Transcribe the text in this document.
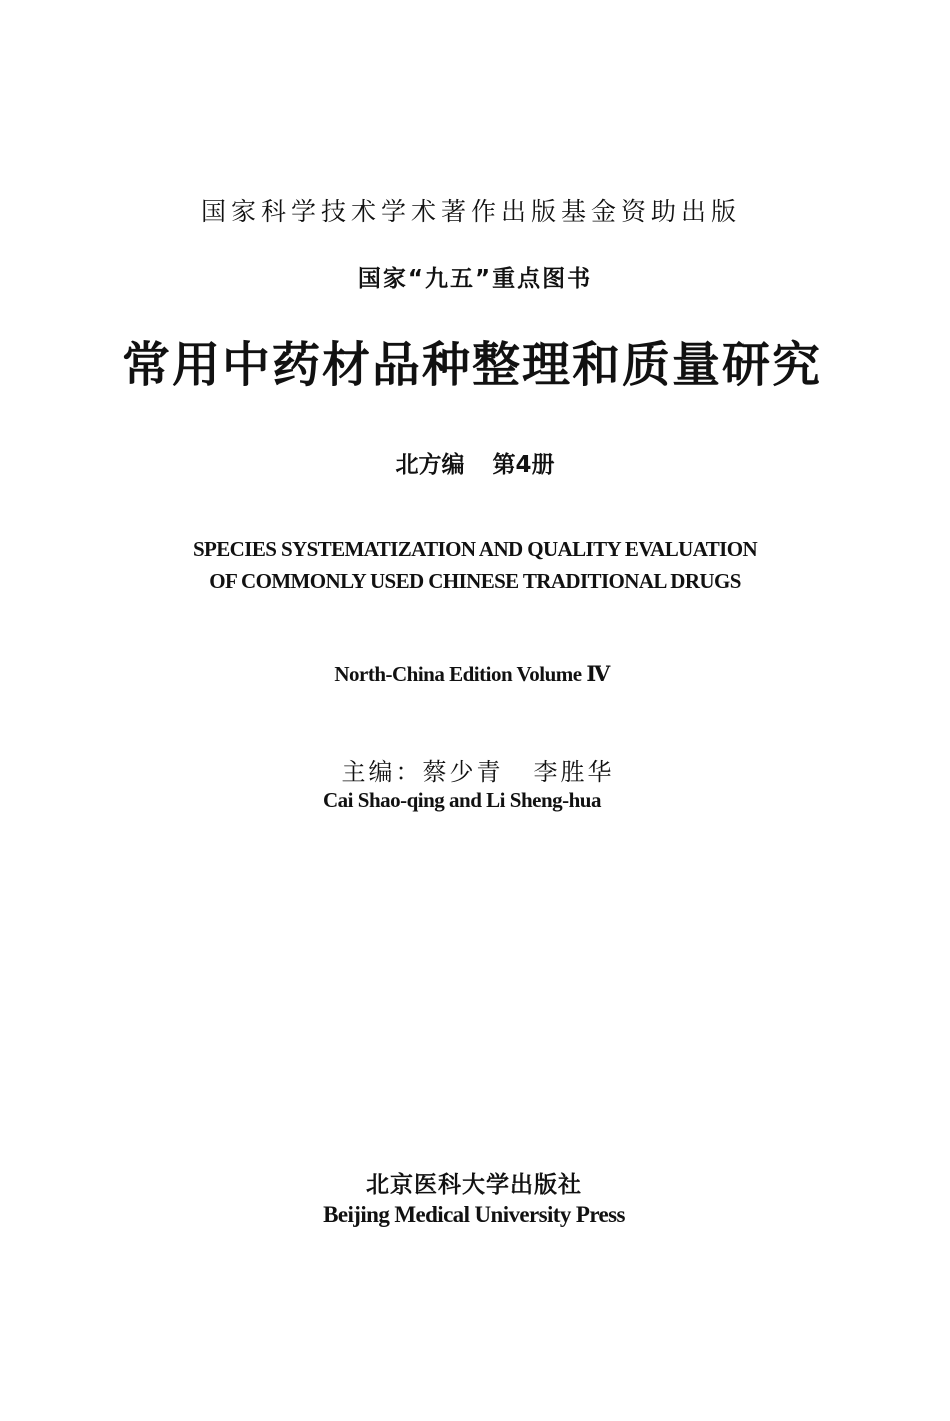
国家科学技术学术著作出版基金资助出版

国家“九五”重点图书

常用中药材品种整理和质量研究

北方编 第4册

SPECIES SYSTEMATIZATION AND QUALITY EVALUATION

OF COMMONLY USED CHINESE TRADITIONAL DRUGS

North-China Edition Volume Ⅳ

主编：蔡少青 李胜华

Cai Shao-qing and Li Sheng-hua

北京医科大学出版社

Beijing Medical University Press
